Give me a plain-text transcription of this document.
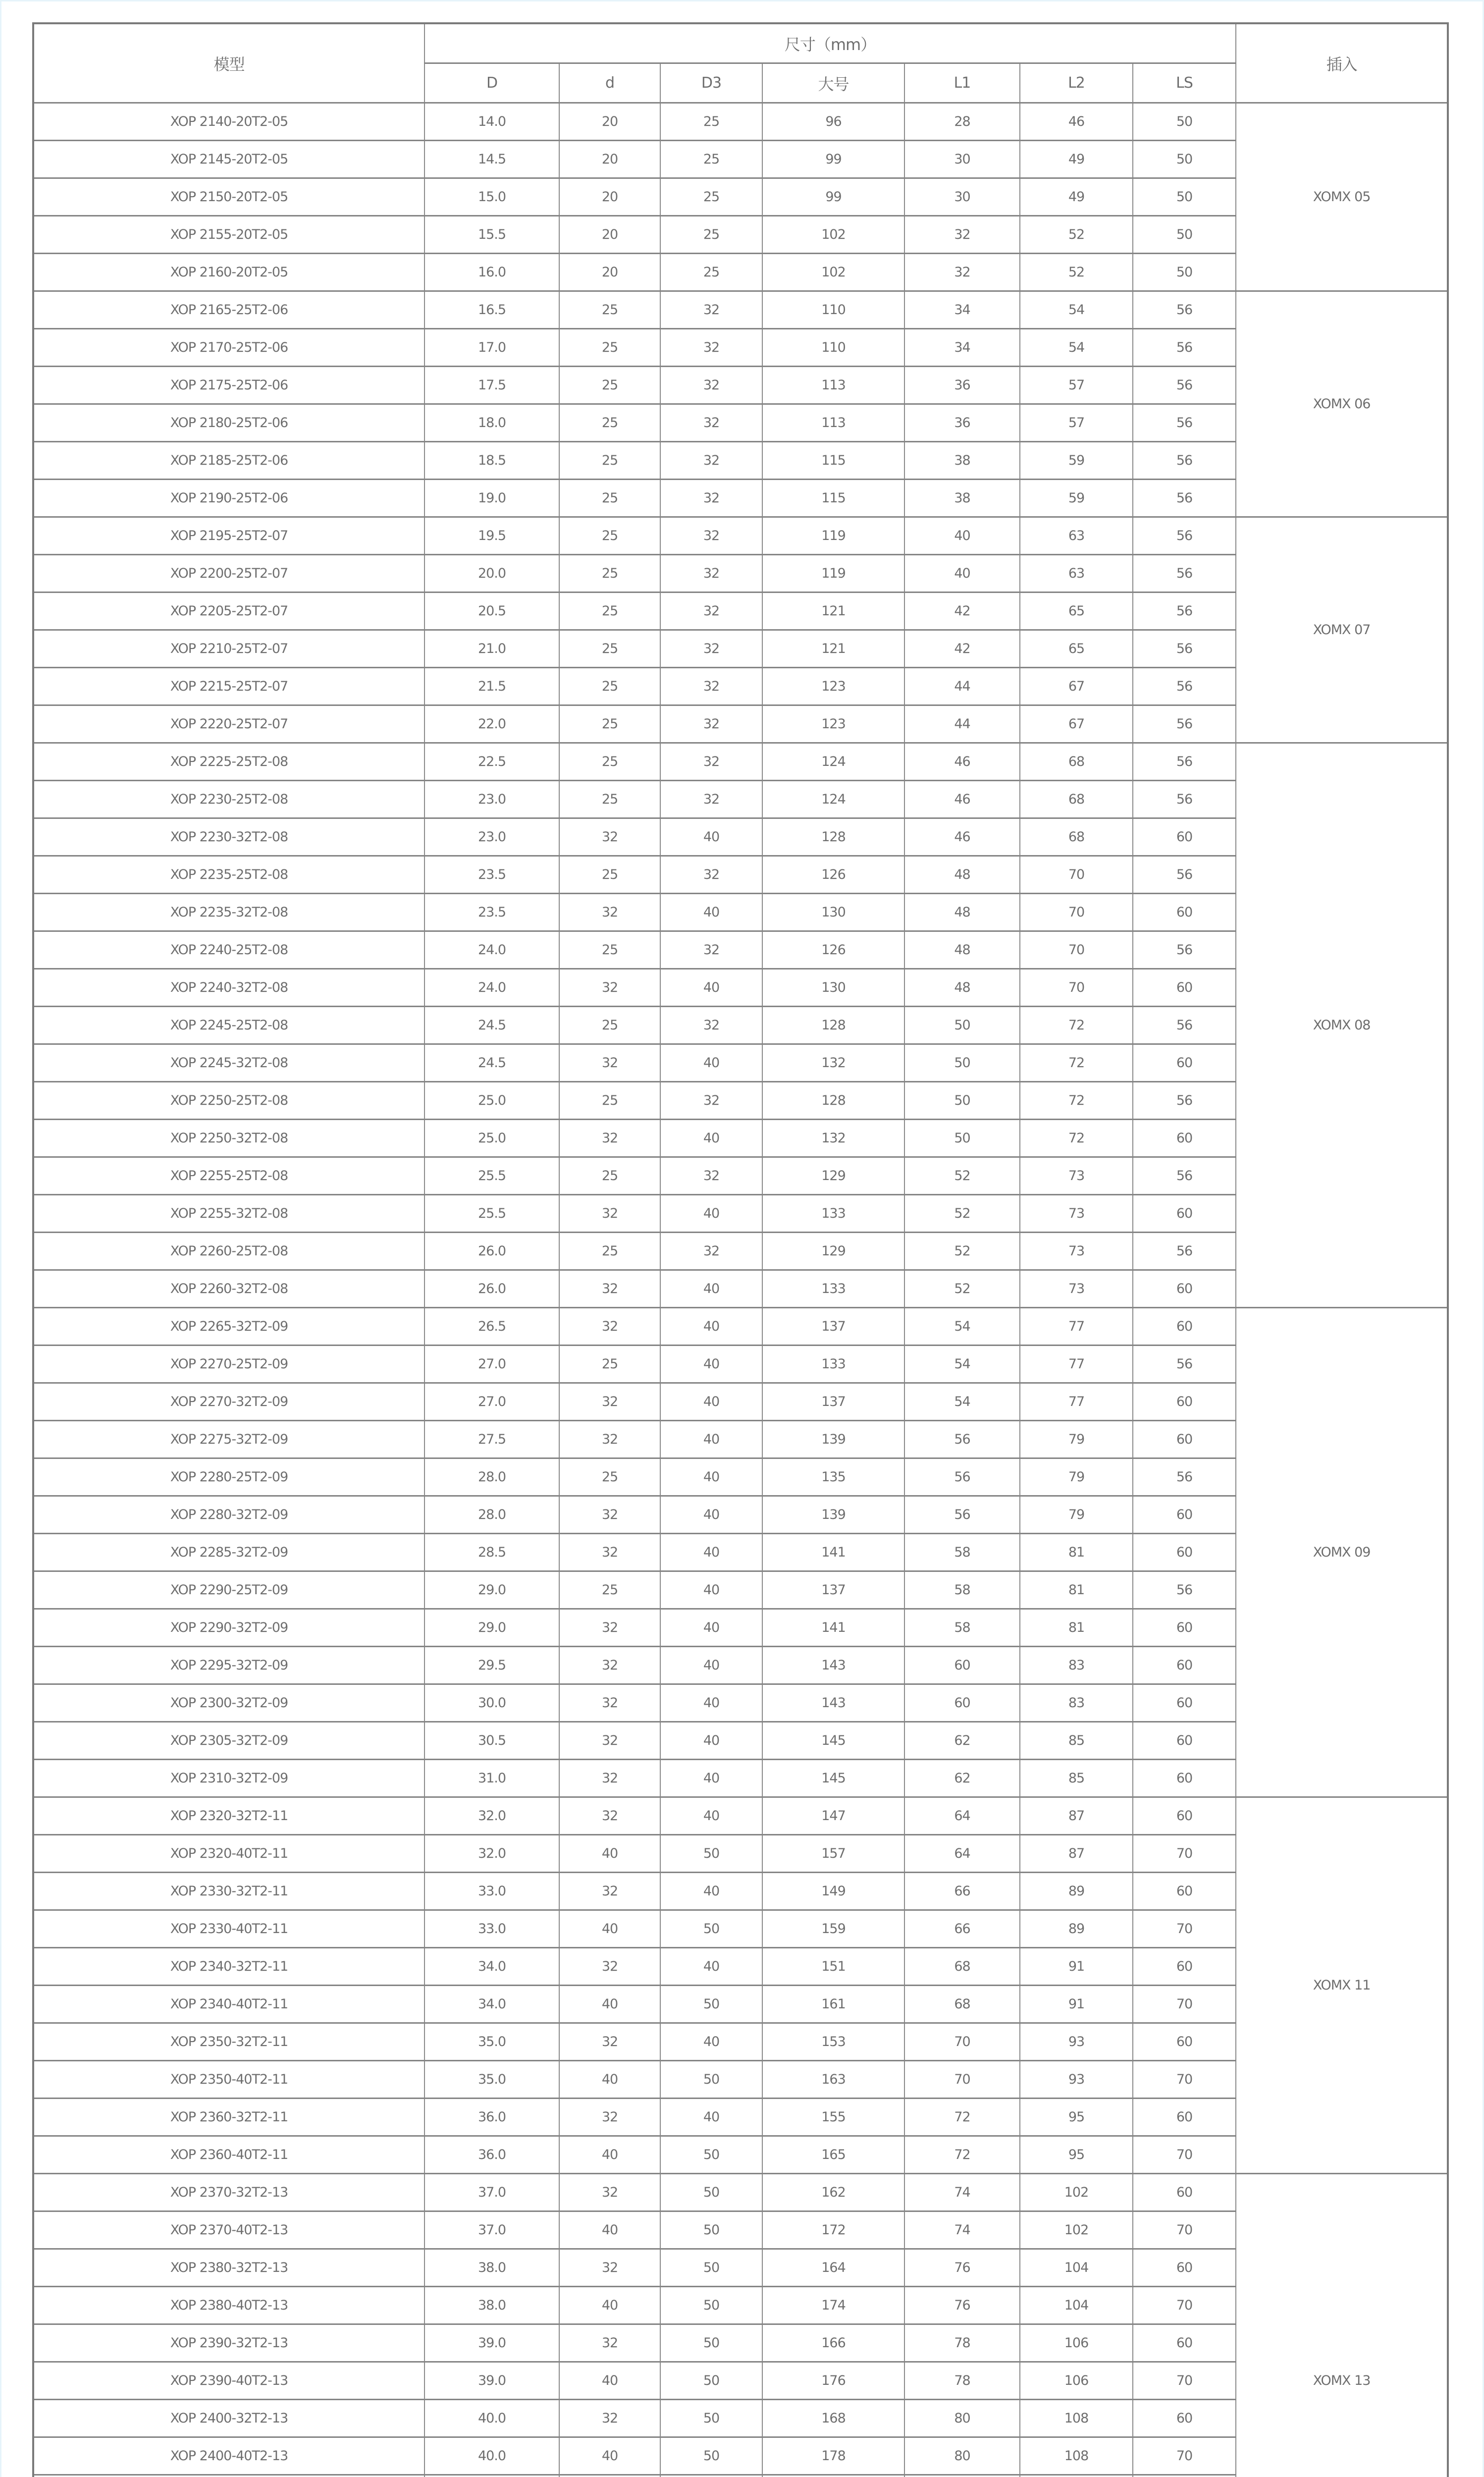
模型	尺寸（mm）							插入
	D	d	D3	大号	L1	L2	LS	
XOP 2140-20T2-05	14.0	20	25	96	28	46	50	XOMX 05
XOP 2145-20T2-05	14.5	20	25	99	30	49	50	
XOP 2150-20T2-05	15.0	20	25	99	30	49	50	
XOP 2155-20T2-05	15.5	20	25	102	32	52	50	
XOP 2160-20T2-05	16.0	20	25	102	32	52	50	
XOP 2165-25T2-06	16.5	25	32	110	34	54	56	XOMX 06
XOP 2170-25T2-06	17.0	25	32	110	34	54	56	
XOP 2175-25T2-06	17.5	25	32	113	36	57	56	
XOP 2180-25T2-06	18.0	25	32	113	36	57	56	
XOP 2185-25T2-06	18.5	25	32	115	38	59	56	
XOP 2190-25T2-06	19.0	25	32	115	38	59	56	
XOP 2195-25T2-07	19.5	25	32	119	40	63	56	XOMX 07
XOP 2200-25T2-07	20.0	25	32	119	40	63	56	
XOP 2205-25T2-07	20.5	25	32	121	42	65	56	
XOP 2210-25T2-07	21.0	25	32	121	42	65	56	
XOP 2215-25T2-07	21.5	25	32	123	44	67	56	
XOP 2220-25T2-07	22.0	25	32	123	44	67	56	
XOP 2225-25T2-08	22.5	25	32	124	46	68	56	XOMX 08
XOP 2230-25T2-08	23.0	25	32	124	46	68	56	
XOP 2230-32T2-08	23.0	32	40	128	46	68	60	
XOP 2235-25T2-08	23.5	25	32	126	48	70	56	
XOP 2235-32T2-08	23.5	32	40	130	48	70	60	
XOP 2240-25T2-08	24.0	25	32	126	48	70	56	
XOP 2240-32T2-08	24.0	32	40	130	48	70	60	
XOP 2245-25T2-08	24.5	25	32	128	50	72	56	
XOP 2245-32T2-08	24.5	32	40	132	50	72	60	
XOP 2250-25T2-08	25.0	25	32	128	50	72	56	
XOP 2250-32T2-08	25.0	32	40	132	50	72	60	
XOP 2255-25T2-08	25.5	25	32	129	52	73	56	
XOP 2255-32T2-08	25.5	32	40	133	52	73	60	
XOP 2260-25T2-08	26.0	25	32	129	52	73	56	
XOP 2260-32T2-08	26.0	32	40	133	52	73	60	
XOP 2265-32T2-09	26.5	32	40	137	54	77	60	XOMX 09
XOP 2270-25T2-09	27.0	25	40	133	54	77	56	
XOP 2270-32T2-09	27.0	32	40	137	54	77	60	
XOP 2275-32T2-09	27.5	32	40	139	56	79	60	
XOP 2280-25T2-09	28.0	25	40	135	56	79	56	
XOP 2280-32T2-09	28.0	32	40	139	56	79	60	
XOP 2285-32T2-09	28.5	32	40	141	58	81	60	
XOP 2290-25T2-09	29.0	25	40	137	58	81	56	
XOP 2290-32T2-09	29.0	32	40	141	58	81	60	
XOP 2295-32T2-09	29.5	32	40	143	60	83	60	
XOP 2300-32T2-09	30.0	32	40	143	60	83	60	
XOP 2305-32T2-09	30.5	32	40	145	62	85	60	
XOP 2310-32T2-09	31.0	32	40	145	62	85	60	
XOP 2320-32T2-11	32.0	32	40	147	64	87	60	XOMX 11
XOP 2320-40T2-11	32.0	40	50	157	64	87	70	
XOP 2330-32T2-11	33.0	32	40	149	66	89	60	
XOP 2330-40T2-11	33.0	40	50	159	66	89	70	
XOP 2340-32T2-11	34.0	32	40	151	68	91	60	
XOP 2340-40T2-11	34.0	40	50	161	68	91	70	
XOP 2350-32T2-11	35.0	32	40	153	70	93	60	
XOP 2350-40T2-11	35.0	40	50	163	70	93	70	
XOP 2360-32T2-11	36.0	32	40	155	72	95	60	
XOP 2360-40T2-11	36.0	40	50	165	72	95	70	
XOP 2370-32T2-13	37.0	32	50	162	74	102	60	XOMX 13
XOP 2370-40T2-13	37.0	40	50	172	74	102	70	
XOP 2380-32T2-13	38.0	32	50	164	76	104	60	
XOP 2380-40T2-13	38.0	40	50	174	76	104	70	
XOP 2390-32T2-13	39.0	32	50	166	78	106	60	
XOP 2390-40T2-13	39.0	40	50	176	78	106	70	
XOP 2400-32T2-13	40.0	32	50	168	80	108	60	
XOP 2400-40T2-13	40.0	40	50	178	80	108	70	
